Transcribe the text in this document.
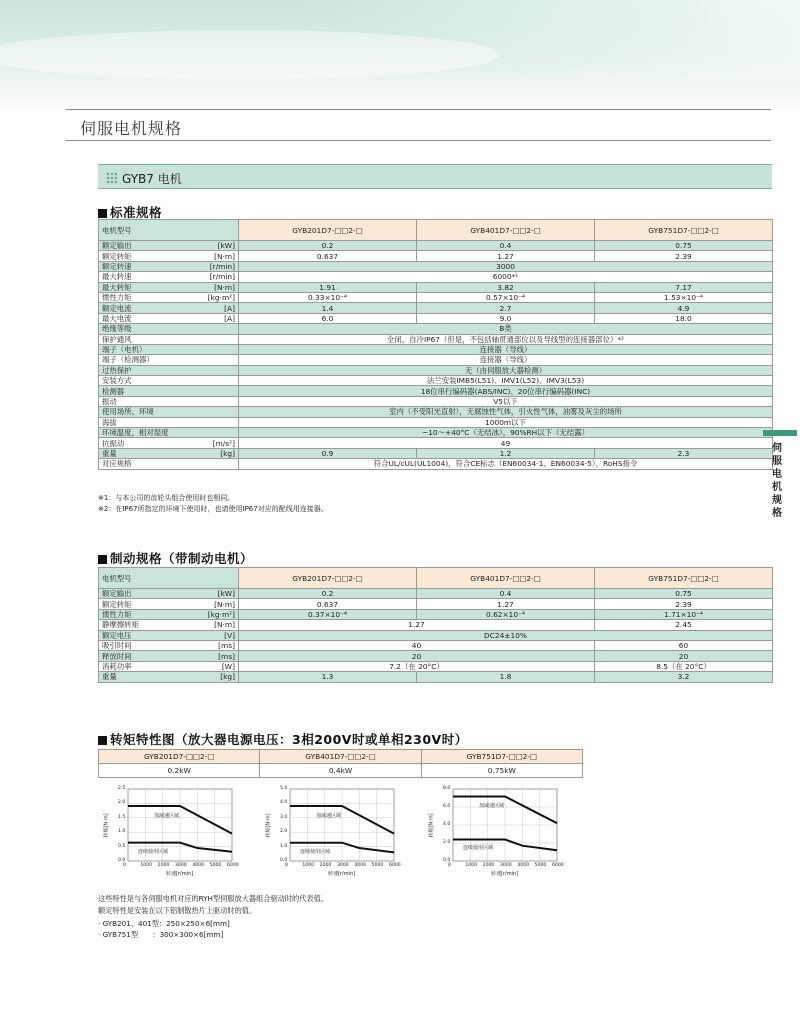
伺服电机规格
GYB7 电机
标准规格
电机型号	GYB201D7-□□2-□	GYB401D7-□□2-□	GYB751D7-□□2-□
额定输出 [kW]	0.2	0.4	0.75
额定转矩 [N·m]	0.637	1.27	2.39
额定转速 [r/min]	3000		
最大转速 [r/min]	6000*¹		
最大转矩 [N·m]	1.91	3.82	7.17
惯性力矩 [kg·m²]	0.33×10⁻⁴	0.57×10⁻⁴	1.53×10⁻⁴
额定电流 [A]	1.4	2.7	4.9
最大电流 [A]	6.0	9.0	18.0
绝缘等级	B类		
保护通风	全闭，自冷IP67（但是，不包括轴贯通部位以及导线型的连接器部位）*²		
端子（电机）	连接器（导线）		
端子（检测器）	连接器（导线）		
过热保护	无（由伺服放大器检测）		
安装方式	法兰安装IMB5(L51)、IMV1(L52)、IMV3(L53)		
检测器	18位串行编码器(ABS/INC)、20位串行编码器(INC)		
振动	V5以下		
使用场所、环境	室内（不受阳光直射），无腐蚀性气体，引火性气体，油雾及灰尘的场所		
海拔	1000m以下		
环境温度，相对湿度	−10～+40°C（无结冰），90%RH以下（无结露）		
抗振动 [m/s²]	49		
重量 [kg]	0.9	1.2	2.3
对应规格	符合UL/cUL(UL1004)，符合CE标志（EN60034-1、EN60034-5），RoHS指令		
※1：与本公司的齿轮头组合使用时也相同。
※2：在IP67所指定的环境下使用时，也请使用IP67对应的配线用连接器。
制动规格（带制动电机）
电机型号	GYB201D7-□□2-□	GYB401D7-□□2-□	GYB751D7-□□2-□
额定输出 [kW]	0.2	0.4	0.75
额定转矩 [N·m]	0.637	1.27	2.39
惯性力矩 [kg·m²]	0.37×10⁻⁴	0.62×10⁻⁴	1.71×10⁻⁴
静摩擦转矩 [N·m]	1.27		2.45
额定电压 [V]	DC24±10%		
吸引时间 [ms]	40		60
释放时间 [ms]	20		20
消耗功率 [W]	7.2（在 20°C）		8.5（在 20°C）
重量 [kg]	1.3	1.8	3.2
转矩特性图（放大器电源电压：3相200V时或单相230V时）
GYB201D7-□□2-□	GYB401D7-□□2-□	GYB751D7-□□2-□
0.2kW	0.4kW	0.75kW
0	1000 2000 3000 4000 5000 6000
0.0
0.5
1.0
1.5
2.0
2.5
转矩[N·m]
转速[r/min]
加减速区域
连续使用区域
0	1000 2000 3000 4000 5000 6000
0.0
1.0
2.0
3.0
4.0
5.0
转矩[N·m]
转速[r/min]
加减速区域
连续使用区域
0	1000 2000 3000 4000 5000 6000
0.0
2.0
4.0
6.0
8.0
转矩[N·m]
转速[r/min]
加减速区域
连续使用区域
这些特性是与各伺服电机对应的RYH型伺服放大器组合驱动时的代表值。
额定特性是安装在以下铝制散热片上驱动时的值。
· GYB201、401型：250×250×6[mm]
· GYB751型　　：300×300×6[mm]
伺服电机规格
